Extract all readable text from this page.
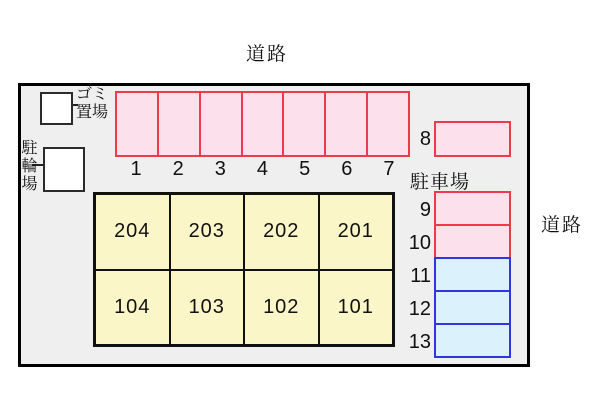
道路
道路
ゴミ
置場
駐輪場	1	2	3	4	5	6	7
8
9
10
11
12
13
駐車場
204	203	202	201
104	103	102	101
